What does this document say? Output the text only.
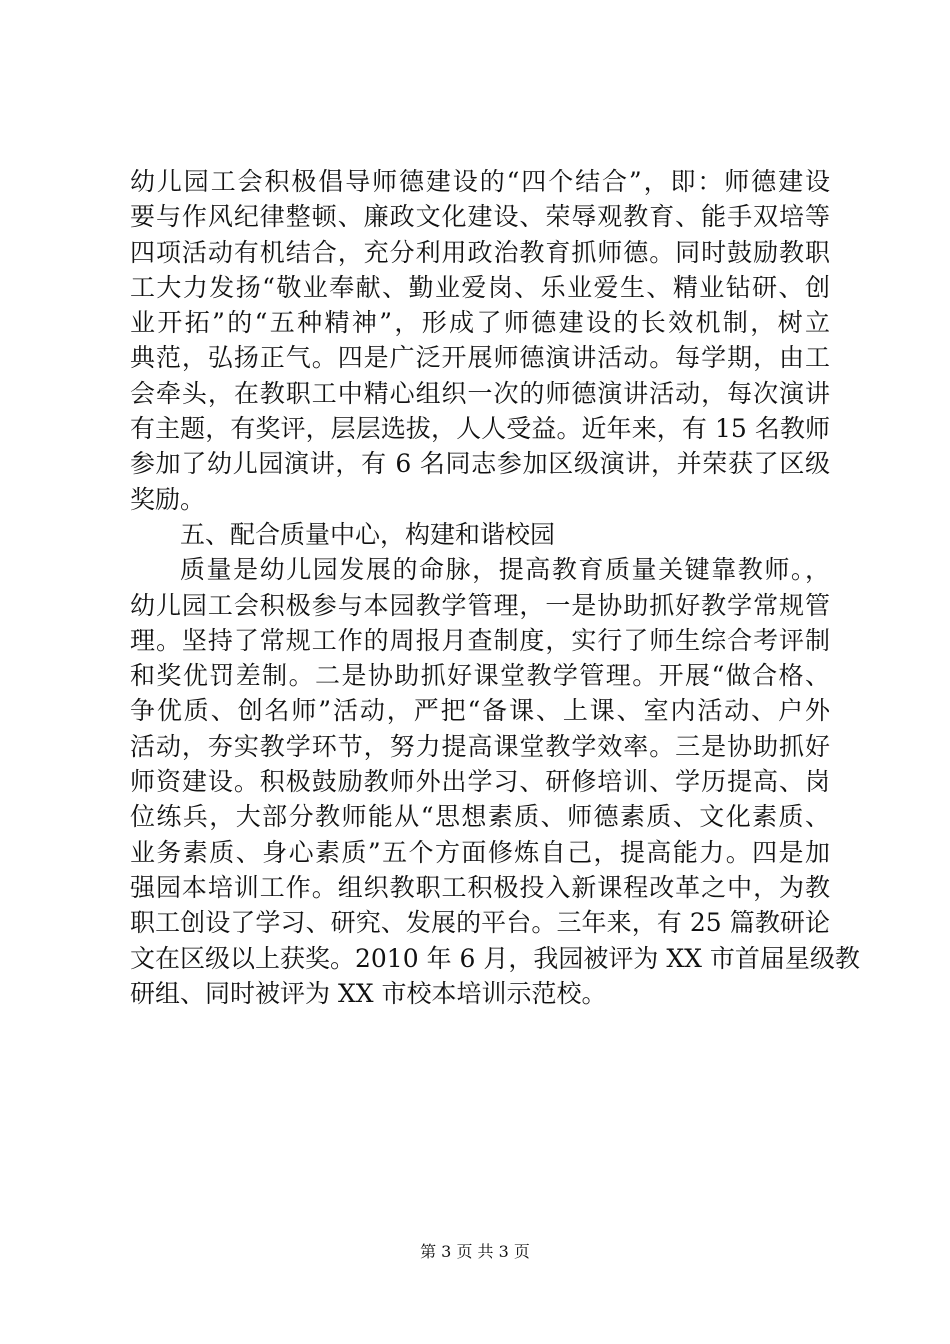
幼儿园工会积极倡导师德建设的“四个结合”，即：师德建设
要与作风纪律整顿、廉政文化建设、荣辱观教育、能手双培等
四项活动有机结合，充分利用政治教育抓师德。同时鼓励教职
工大力发扬“敬业奉献、勤业爱岗、乐业爱生、精业钻研、创
业开拓”的“五种精神”，形成了师德建设的长效机制，树立
典范，弘扬正气。四是广泛开展师德演讲活动。每学期，由工
会牵头，在教职工中精心组织一次的师德演讲活动，每次演讲
有主题，有奖评，层层选拔，人人受益。近年来，有 15 名教师
参加了幼儿园演讲，有 6 名同志参加区级演讲，并荣获了区级
奖励。
五、配合质量中心，构建和谐校园
质量是幼儿园发展的命脉，提高教育质量关键靠教师。，
幼儿园工会积极参与本园教学管理，一是协助抓好教学常规管
理。坚持了常规工作的周报月查制度，实行了师生综合考评制
和奖优罚差制。二是协助抓好课堂教学管理。开展“做合格、
争优质、创名师”活动，严把“备课、上课、室内活动、户外
活动，夯实教学环节，努力提高课堂教学效率。三是协助抓好
师资建设。积极鼓励教师外出学习、研修培训、学历提高、岗
位练兵，大部分教师能从“思想素质、师德素质、文化素质、
业务素质、身心素质”五个方面修炼自己，提高能力。四是加
强园本培训工作。组织教职工积极投入新课程改革之中，为教
职工创设了学习、研究、发展的平台。三年来，有 25 篇教研论
文在区级以上获奖。2010 年 6 月，我园被评为 XX 市首届星级教
研组、同时被评为 XX 市校本培训示范校。
第 3 页 共 3 页
